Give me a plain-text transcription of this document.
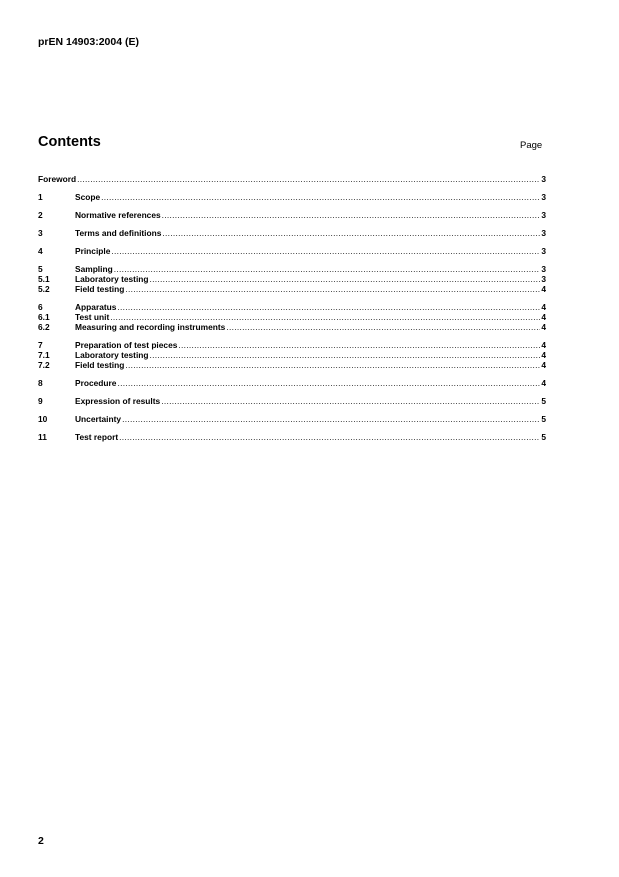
prEN 14903:2004 (E)
Contents	Page
Foreword .....	3
1	Scope .....	3
2	Normative references .....	3
3	Terms and definitions .....	3
4	Principle .....	3
5	Sampling .....	3
5.1	Laboratory testing .....	3
5.2	Field testing .....	4
6	Apparatus .....	4
6.1	Test unit .....	4
6.2	Measuring and recording instruments .....	4
7	Preparation of test pieces .....	4
7.1	Laboratory testing .....	4
7.2	Field testing .....	4
8	Procedure .....	4
9	Expression of results .....	5
10	Uncertainty .....	5
11	Test report .....	5
2
